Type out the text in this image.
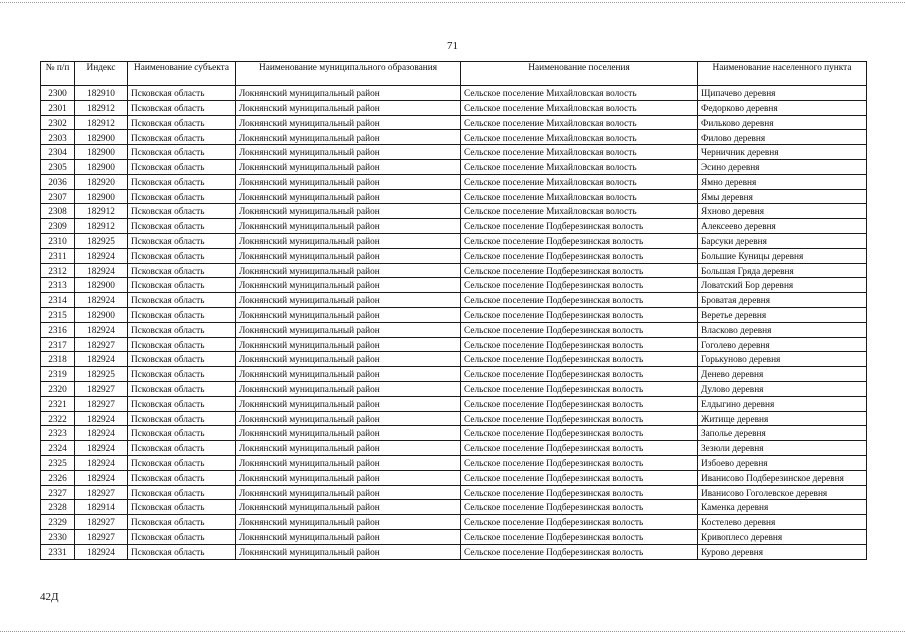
71
№ п/п	Индекс	Наименование субъекта	Наименование муниципального образования	Наименование поселения	Наименование населенного пункта
2300	182910	Псковская область	Локнянский муниципальный район	Сельское поселение Михайловская волость	Щипачево деревня
2301	182912	Псковская область	Локнянский муниципальный район	Сельское поселение Михайловская волость	Федорково деревня
2302	182912	Псковская область	Локнянский муниципальный район	Сельское поселение Михайловская волость	Фильково деревня
2303	182900	Псковская область	Локнянский муниципальный район	Сельское поселение Михайловская волость	Филово деревня
2304	182900	Псковская область	Локнянский муниципальный район	Сельское поселение Михайловская волость	Черничник деревня
2305	182900	Псковская область	Локнянский муниципальный район	Сельское поселение Михайловская волость	Эсино деревня
2036	182920	Псковская область	Локнянский муниципальный район	Сельское поселение Михайловская волость	Ямно деревня
2307	182900	Псковская область	Локнянский муниципальный район	Сельское поселение Михайловская волость	Ямы деревня
2308	182912	Псковская область	Локнянский муниципальный район	Сельское поселение Михайловская волость	Яхново деревня
2309	182912	Псковская область	Локнянский муниципальный район	Сельское поселение Подберезинская волость	Алексеево деревня
2310	182925	Псковская область	Локнянский муниципальный район	Сельское поселение Подберезинская волость	Барсуки деревня
2311	182924	Псковская область	Локнянский муниципальный район	Сельское поселение Подберезинская волость	Большие Куницы деревня
2312	182924	Псковская область	Локнянский муниципальный район	Сельское поселение Подберезинская волость	Большая Гряда деревня
2313	182900	Псковская область	Локнянский муниципальный район	Сельское поселение Подберезинская волость	Ловатский Бор деревня
2314	182924	Псковская область	Локнянский муниципальный район	Сельское поселение Подберезинская волость	Броватая деревня
2315	182900	Псковская область	Локнянский муниципальный район	Сельское поселение Подберезинская волость	Веретье деревня
2316	182924	Псковская область	Локнянский муниципальный район	Сельское поселение Подберезинская волость	Власково деревня
2317	182927	Псковская область	Локнянский муниципальный район	Сельское поселение Подберезинская волость	Гоголево деревня
2318	182924	Псковская область	Локнянский муниципальный район	Сельское поселение Подберезинская волость	Горькуново деревня
2319	182925	Псковская область	Локнянский муниципальный район	Сельское поселение Подберезинская волость	Денево деревня
2320	182927	Псковская область	Локнянский муниципальный район	Сельское поселение Подберезинская волость	Дулово деревня
2321	182927	Псковская область	Локнянский муниципальный район	Сельское поселение Подберезинская волость	Елдыгино деревня
2322	182924	Псковская область	Локнянский муниципальный район	Сельское поселение Подберезинская волость	Житище деревня
2323	182924	Псковская область	Локнянский муниципальный район	Сельское поселение Подберезинская волость	Заполье деревня
2324	182924	Псковская область	Локнянский муниципальный район	Сельское поселение Подберезинская волость	Зезюли деревня
2325	182924	Псковская область	Локнянский муниципальный район	Сельское поселение Подберезинская волость	Избоево деревня
2326	182924	Псковская область	Локнянский муниципальный район	Сельское поселение Подберезинская волость	Иванисово Подберезинское деревня
2327	182927	Псковская область	Локнянский муниципальный район	Сельское поселение Подберезинская волость	Иванисово Гоголевское деревня
2328	182914	Псковская область	Локнянский муниципальный район	Сельское поселение Подберезинская волость	Каменка деревня
2329	182927	Псковская область	Локнянский муниципальный район	Сельское поселение Подберезинская волость	Костелево деревня
2330	182927	Псковская область	Локнянский муниципальный район	Сельское поселение Подберезинская волость	Кривоплесо деревня
2331	182924	Псковская область	Локнянский муниципальный район	Сельское поселение Подберезинская волость	Курово деревня
42Д
